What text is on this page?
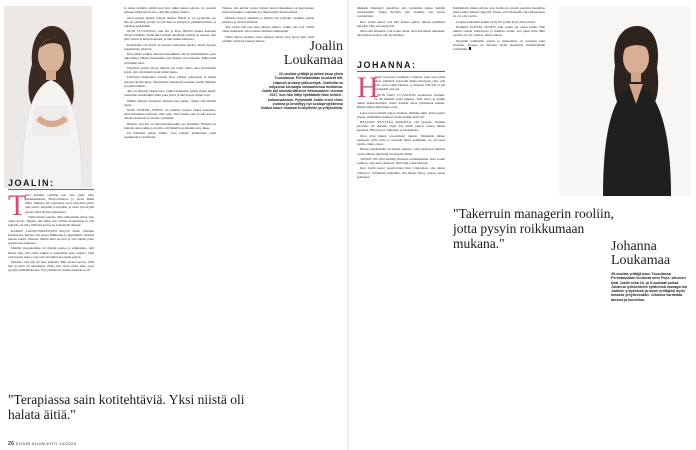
Joalin
Loukamaa
22-vuotias yrittäjä ja artisti asuu yksin Tuusulassa. Perhetaustaan kuuluvat äiti, isäpuoli ja kaksi pikkuveljeä. Joalinilla on miljoonia seuraajia sosiaalisessa mediassa. Joalin tuli kansainväliseen tietoisuuteen vuonna 2017, kun hän liittyi tyttöbändi Now United -kokoonpanoon. Ryhmästä Joalin erosi viime vuonna ja keskittyy nyt sooloprojektiensa lisäksi muun muassa tv-ohjelmiin ja yrityksiinsä.
JOALIN:
T

ässä keväänä tapahtui tosi outo juttu. Olin kaksikuukautta Yhdysvalloissa ja aivan äkkiä minä. Minulle tuli pakottava tarve kirjoittaa yksin joka päivä. Kirjoitin ja kirjoitin, ja vasta yön myötä paperi alkoi täyttyä ajatuksista.

Tämä tuntui oudolta, sillä suhteemme olivat aina olleet hyvät. Tajusin, että ehkä olin valmis avautumaan ja että tunteille on tilaa. Halusin kertoa ne Johannalle ääneen.

KAIKKI LAPSUUSMUISTONI liittyvät äitiin. Olimme kahdestaan, kunnes äiti tapasi Mikkosen ja muutimme yhdessä uuteen kotiin. Pienenä ihailin äitiä kovasti ja olin hänen pieni apulaisensa kaikessa.

Meidän lapsuutemme oli täynnä naurua ja seikkailuja. Äiti halusi aina, että olisin rohkea ja kokeilisin uusia asioita. Siitä sain itseeni uskoa, jota olen tarvinnut ura-alalla paljon.

Muistan, että äiti oli aina paikalla. Hän saattoi kertoa, mitä teki ja mitä oli tekemässä, mutta hän antoi myös tilaa, jotta pystyin päättämään itse. Nyt ymmärrän, kuinka tärkeää se oli.

ta omaa sydäntä, tehdä juuri sitä, mikä tuntuu omalta. Jo pienenä halusin tehdä asioita itse, eikä äiti estänyt minua.

Olen perinyt äidiltä vahvan tahdon. Häntä ei voi pysäyttää, jos hän on päättänyt jotain. Ja silti hän on lempeä ja ymmärtäväinen, ja rakastaa perhettään.

OLIN 13-VUOTIAS, kun äiti ja Pepe lähtivät minun kanssani Yhdysvaltoihin. Siellä alkoi minun unelmani esiintyä ja tanssia. Äiti jätti työnsä ja kulki kanssani, ja tuki minua kaikessa.

Keskustelu oli suurta ja kiivasta tunteiden aikana, mutta lopulta uskalsimme yhdessä.

Kun päätin vaihtaa tanssista musiikkiin, äiti oli ensimmäinen, joka tuki minua. Hänen mielestään olisi pitänyt edes kokeilla. Ehkä tämä oli minun tieni.

Erityinen paljon riitoja aiheutti nyt rahat, mutta aina selvisimme niistä. Äiti oli minulle kuin tiimin jäsen.

Esiinnyin muutaman vuoden Now United -yhtyeessä ja tunsin olevani täynnä intoa. Maailmalla kiertäessä tutustuin uusiin ihmisiin ja kulttuureihin.

Äiti oli minulle tärkeä tuki, vaikka matkustin paljon ilman häntä. Soitimme toisillemme lähes joka päivä ja hän kyseli, miten voin.

Mäkin vihdoin Suomeen, halusin asua yksin, vaikka olin ikäviin yksin.

NOW UNITED -YHTYE oli minulle lopulta tärkeä kokemus. Olen kiitollinen kaikesta, mitä opin. Silti tunsin, että on aika kasvaa omaksi itsekseni ja seurata sydäntäni.

Haluan, että äiti on tulevaisuudessakin osa elämääni. Hänellä on minulle aina paikka ja tiedän, että hänellä on minulle aina aikaa.

En halunnut pukua äidille, vaan halusin kunnioittaa omia ajatuksiani ja tunteitani.

Tuntuu, että kolme vuotta täynnä suuria muutoksia on kasvattanut meitä molempia. Olemme nyt läheisempiä kuin koskaan.

Minusta kasvoi aikuinen ja äidistä tuli ystäväni. Voimme puhua kaikesta ja nauraa yhdessä.

Äiti, kiitos että olet aina tukenut minua, vaikka tiet ovat välillä olleet mutkaisia. Olet tärkein ihminen elämässäni.

Tämä tuntuu oudolta sanoa ääneen, mutta olen ylpeä siitä, mitä olemme yhdessä saaneet aikaan.

"Terapiassa sain kotitehtäviä. Yksi niistä oli halata äitiä."
26 KODIN KUVALEHTI 14/2024

Melkein lähentelyt enteilivät, että voisimme puhua meidän asioistamme. Tuntui hyvältä, että voimme olla suoria toisillemme.

Kun Joalin kertoi, että hän haluaa puhua, minun sydämeni hyppäsi. Olin odottanut tätä.

Olen aina halunnut, että Joalin tietää, että olen hänen tukenaan, eikä hänen tarvitse olla täydellinen.

JOHANNA:
H

alusin kasvattaa Joalinista rohkean, joka osaa pitää omaa päätänsä. Kasvatin hänet tietoisena siitä, että tytöt voivat mitä tahansa, ja halusin, että hän ei jää kenenkään varjoon.

OLIN VAIN 21-VUOTIAS saadessani Joalinin. Se oli minulle suuri muutos. Olin nuori ja kaikki tuntui mahdottomalta, mutta halusin antaa tyttärelleni kaiken. Hänen isänsä lähti melko pian.

Lapsi kasvoi meillä paljon yhdessä. Olimme tiimi. Kun tapasin Pepen, elämämme muuttui, mutta kaikki oli hyvin.

HALUSIN NÄYTTÄÄ KAIKILLE, että pystyin. Joalinin kasvatus oli tärkeää. Opin itse äitinä paljon asioita hänen kauttaan. Hän kasvoi rohkeaksi ja itsenäiseksi.

Olen ollut hänen ura-alallaan tukena. Matkustin hänen kanssaan, jätin työni ja seurasin häntä kaikkialle. Se oli suuri päätös, mutta oikea.

Hänen ympärillään oli monia aikuisia, jotka halusivat hänestä jotain. Minun tehtäväni oli suojella häntä.

TANSSI ON ollut meidän yhteinen intohimomme. Kun Joalin esiintyy, olen aina yleisössä. Olen niin ylpeä hänestä.

Kun Joalin kertoi lopettavansa Now Unitedissa, olin aluksi yllättynyt. Ymmärsin kuitenkin, että hänen täytyy seurata omaa polkuaan.

Pahimmalla tuntui siltoin, kun Joalin oli toisella puolella maailmaa enkä saanut häneen yhteyttä. Tiesin, että ulkomailla turvallisuudesta en voi olla varma.

Lopulta kuitenkin kaikki oli hyvin ja hän löysi oman tiensä.

KAIKKI SUOTTA SITTEN, kun Joalin sai oman kodin. Hän muutti omaan asuntoonsa ja minusta tuntui, että pieni lintu lähti pesästä. Se oli vaikeaa, mutta oikein.

Nykyään puhumme paljon ja suhteemme on parempi kuin koskaan. Terapia on auttanut meitä molempia ymmärtämään toisiamme.

"Takerruin managerin rooliin, jotta pysyin roikkumaan mukana."	Johanna
Loukamaa
45-vuotias yrittäjä asuu Tuusulassa. Perhetaustaan kuuluvat mies Pepe, aikuinen tytär Joalin sekä 18- ja 9-vuotiaat poikat. Johanna työskentelee tyttärensä managerina Joalinin yrityksissä ja toimii yrittäjänä myös omassa yrityksessään. Johanna harrastaa tanssia ja kuntoilua.
